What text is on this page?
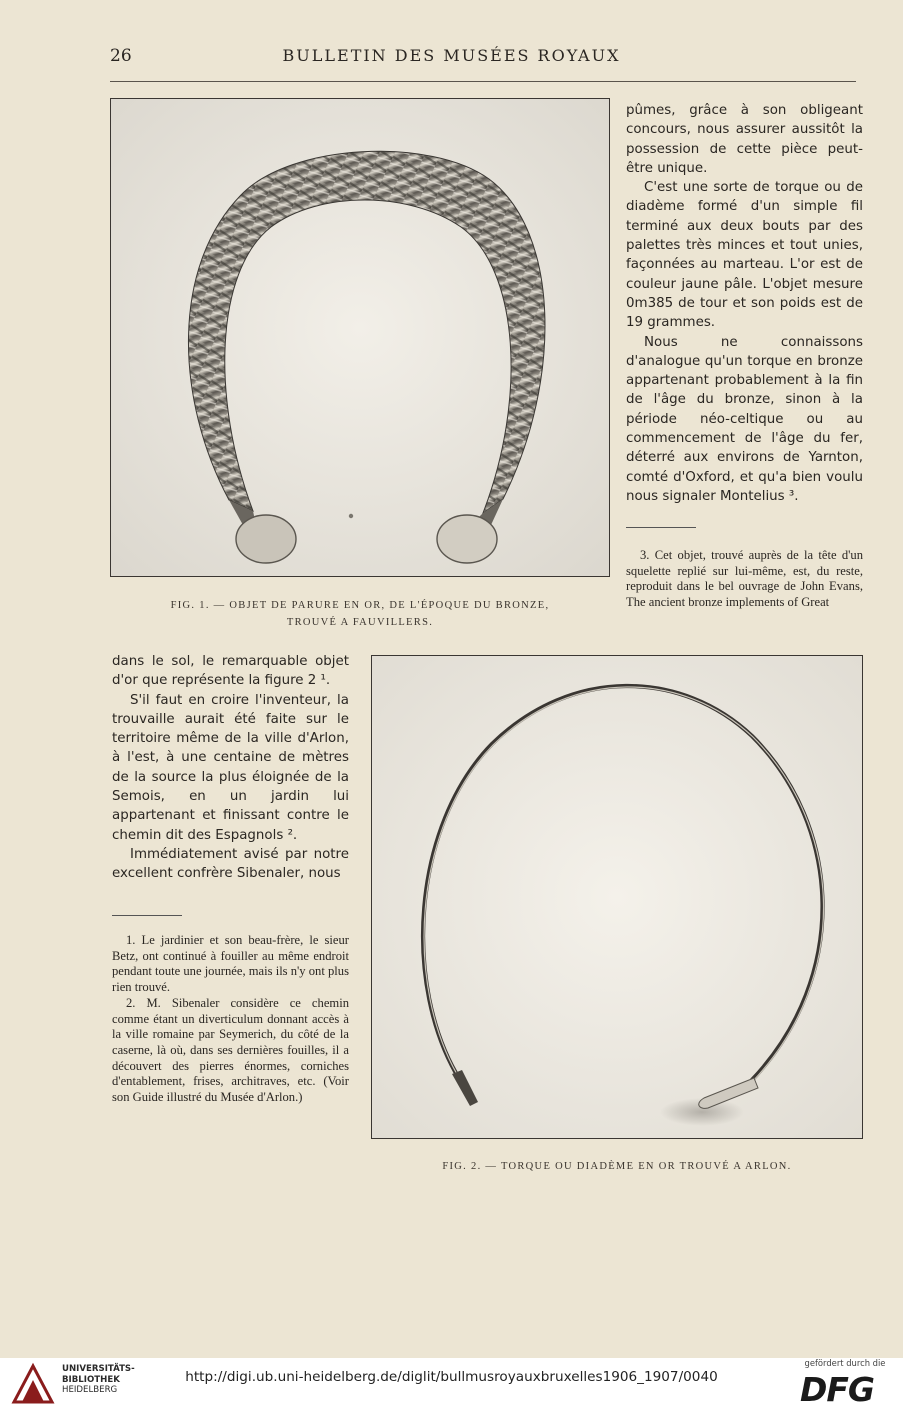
26	BULLETIN DES MUSÉES ROYAUX
FIG. 1. — OBJET DE PARURE EN OR, DE L'ÉPOQUE DU BRONZE,
TROUVÉ A FAUVILLERS.

pûmes, grâce à son obligeant concours, nous assurer aussitôt la possession de cette pièce peut-être unique.

C'est une sorte de torque ou de diadème formé d'un simple fil terminé aux deux bouts par des palettes très minces et tout unies, façonnées au marteau. L'or est de couleur jaune pâle. L'objet mesure 0m385 de tour et son poids est de 19 grammes.

Nous ne connaissons d'analogue qu'un torque en bronze appartenant probablement à la fin de l'âge du bronze, sinon à la période néo-celtique ou au commencement de l'âge du fer, déterré aux environs de Yarnton, comté d'Oxford, et qu'a bien voulu nous signaler Montelius ³.

3. Cet objet, trouvé auprès de la tête d'un squelette replié sur lui-même, est, du reste, reproduit dans le bel ouvrage de John Evans, The ancient bronze implements of Great

dans le sol, le remarquable objet d'or que représente la figure 2 ¹.

S'il faut en croire l'inventeur, la trouvaille aurait été faite sur le territoire même de la ville d'Arlon, à l'est, à une centaine de mètres de la source la plus éloignée de la Semois, en un jardin lui appartenant et finissant contre le chemin dit des Espagnols ².

Immédiatement avisé par notre excellent confrère Sibenaler, nous

1. Le jardinier et son beau-frère, le sieur Betz, ont continué à fouiller au même endroit pendant toute une journée, mais ils n'y ont plus rien trouvé.

2. M. Sibenaler considère ce chemin comme étant un diverticulum donnant accès à la ville romaine par Seymerich, du côté de la caserne, là où, dans ses dernières fouilles, il a découvert des pierres énormes, corniches d'entablement, frises, architraves, etc. (Voir son Guide illustré du Musée d'Arlon.)

FIG. 2. — TORQUE OU DIADÈME EN OR TROUVÉ A ARLON.
UNIVERSITÄTS-
BIBLIOTHEK
HEIDELBERG
http://digi.ub.uni-heidelberg.de/diglit/bullmusroyauxbruxelles1906_1907/0040
gefördert durch die
DFG
